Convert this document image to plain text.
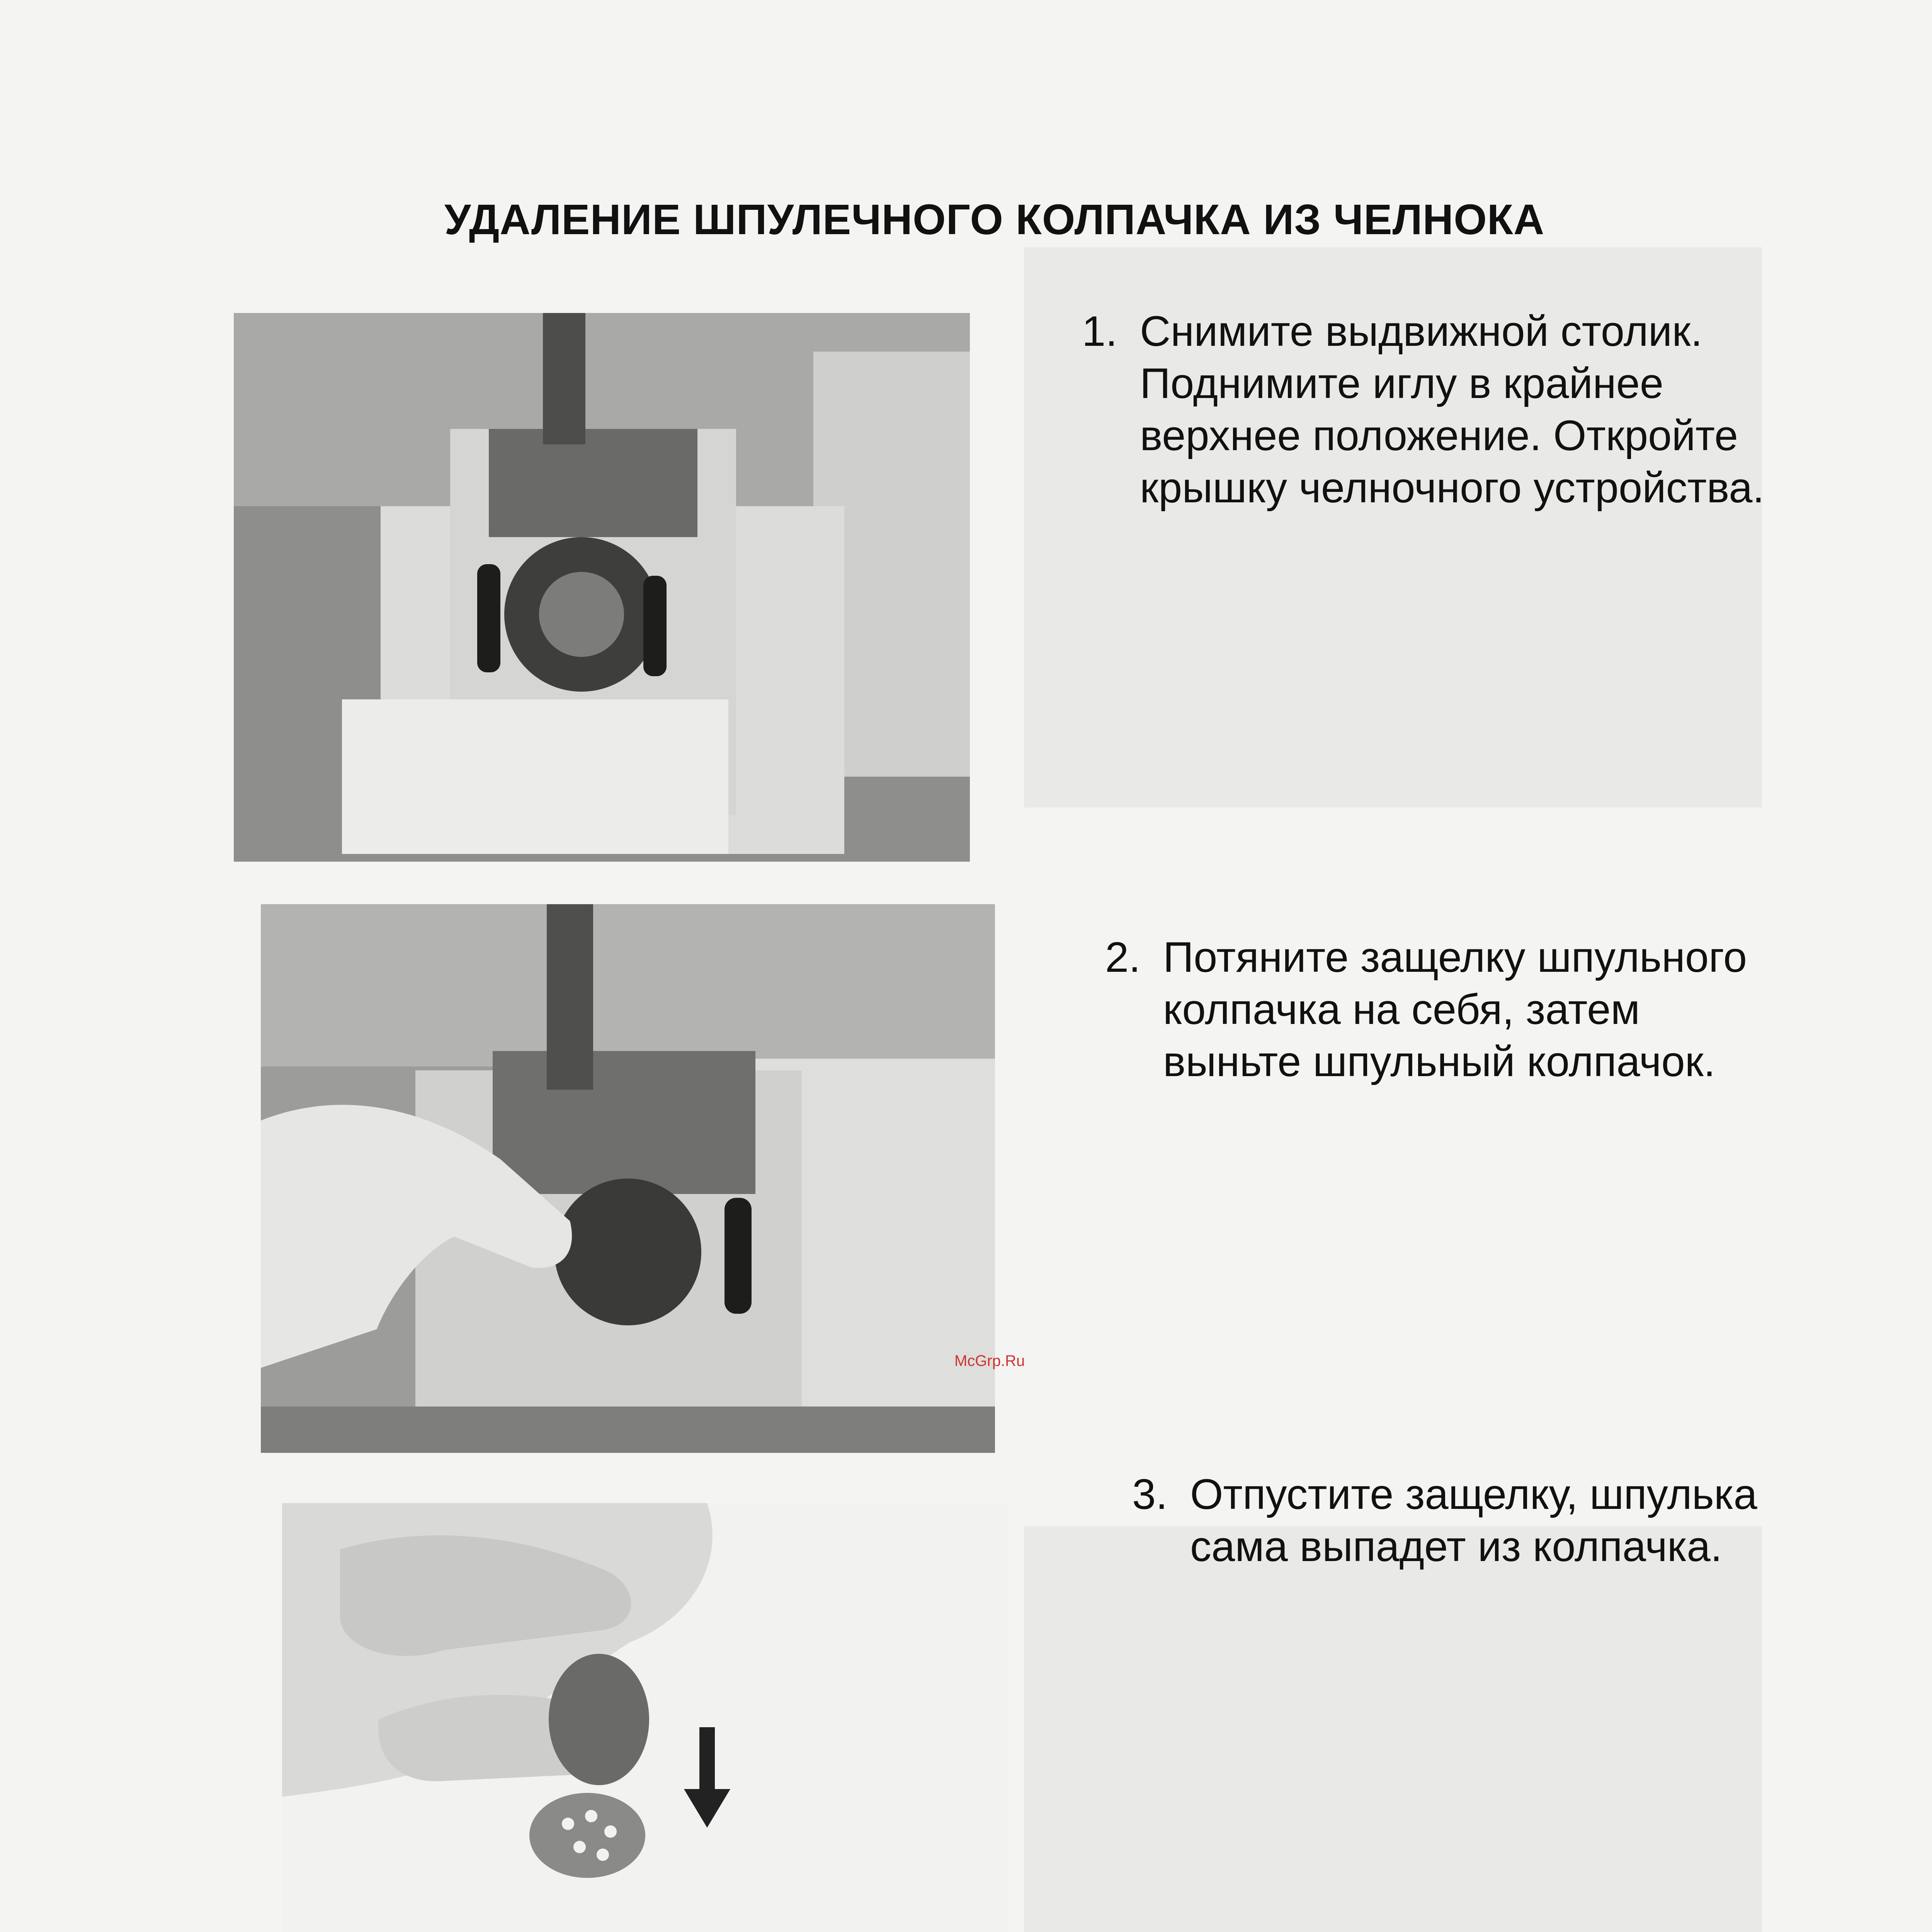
УДАЛЕНИЕ ШПУЛЕЧНОГО КОЛПАЧКА ИЗ ЧЕЛНОКА
1. Снимите выдвижной столик.
Поднимите иглу в крайнее
верхнее положение. Откройте
крышку челночного устройства.
2. Потяните защелку шпульного
колпачка на себя, затем
выньте шпульный колпачок.
3. Отпустите защелку, шпулька
сама выпадет из колпачка.
McGrp.Ru
